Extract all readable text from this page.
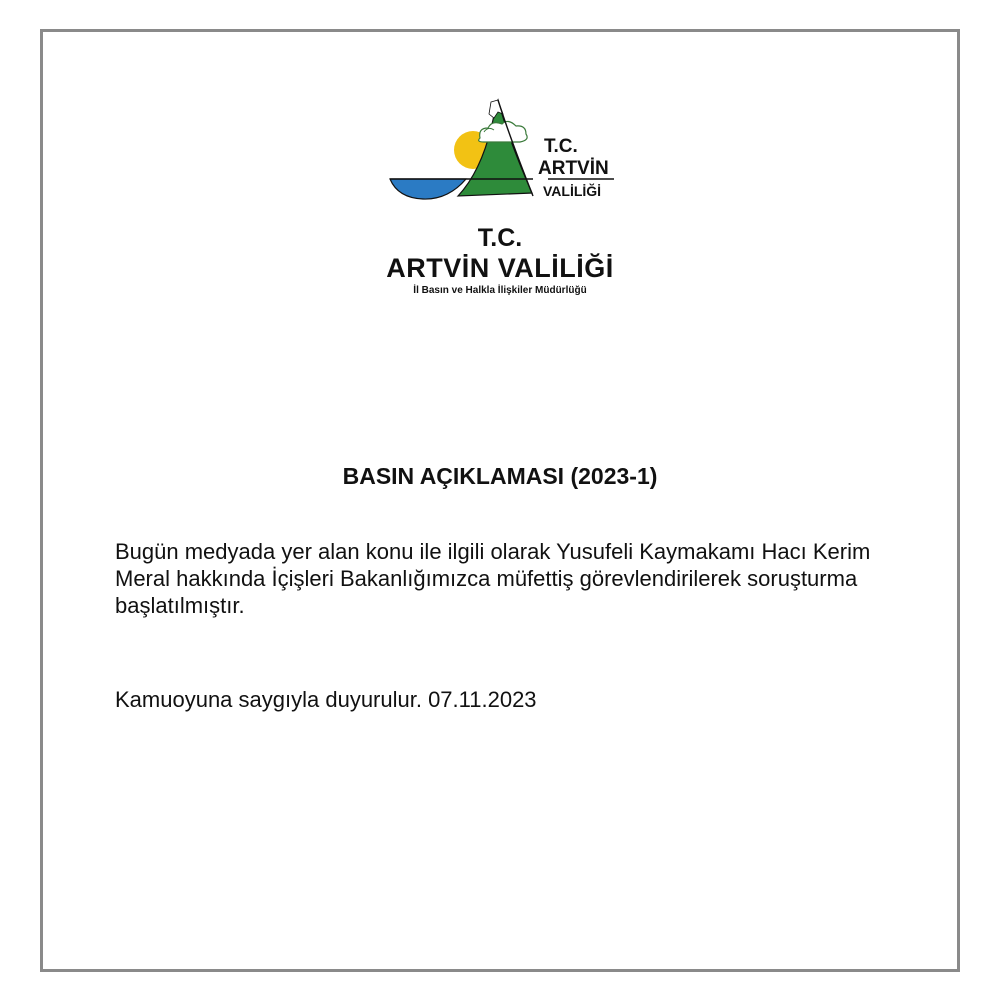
T.C.
ARTVİN
VALİLİĞİ
T.C.
ARTVİN VALİLİĞİ
İl Basın ve Halkla İlişkiler Müdürlüğü
BASIN AÇIKLAMASI (2023-1)

Bugün medyada yer alan konu ile ilgili olarak Yusufeli Kaymakamı Hacı Kerim Meral hakkında İçişleri Bakanlığımızca müfettiş görevlendirilerek soruşturma başlatılmıştır.

Kamuoyuna saygıyla duyurulur. 07.11.2023
